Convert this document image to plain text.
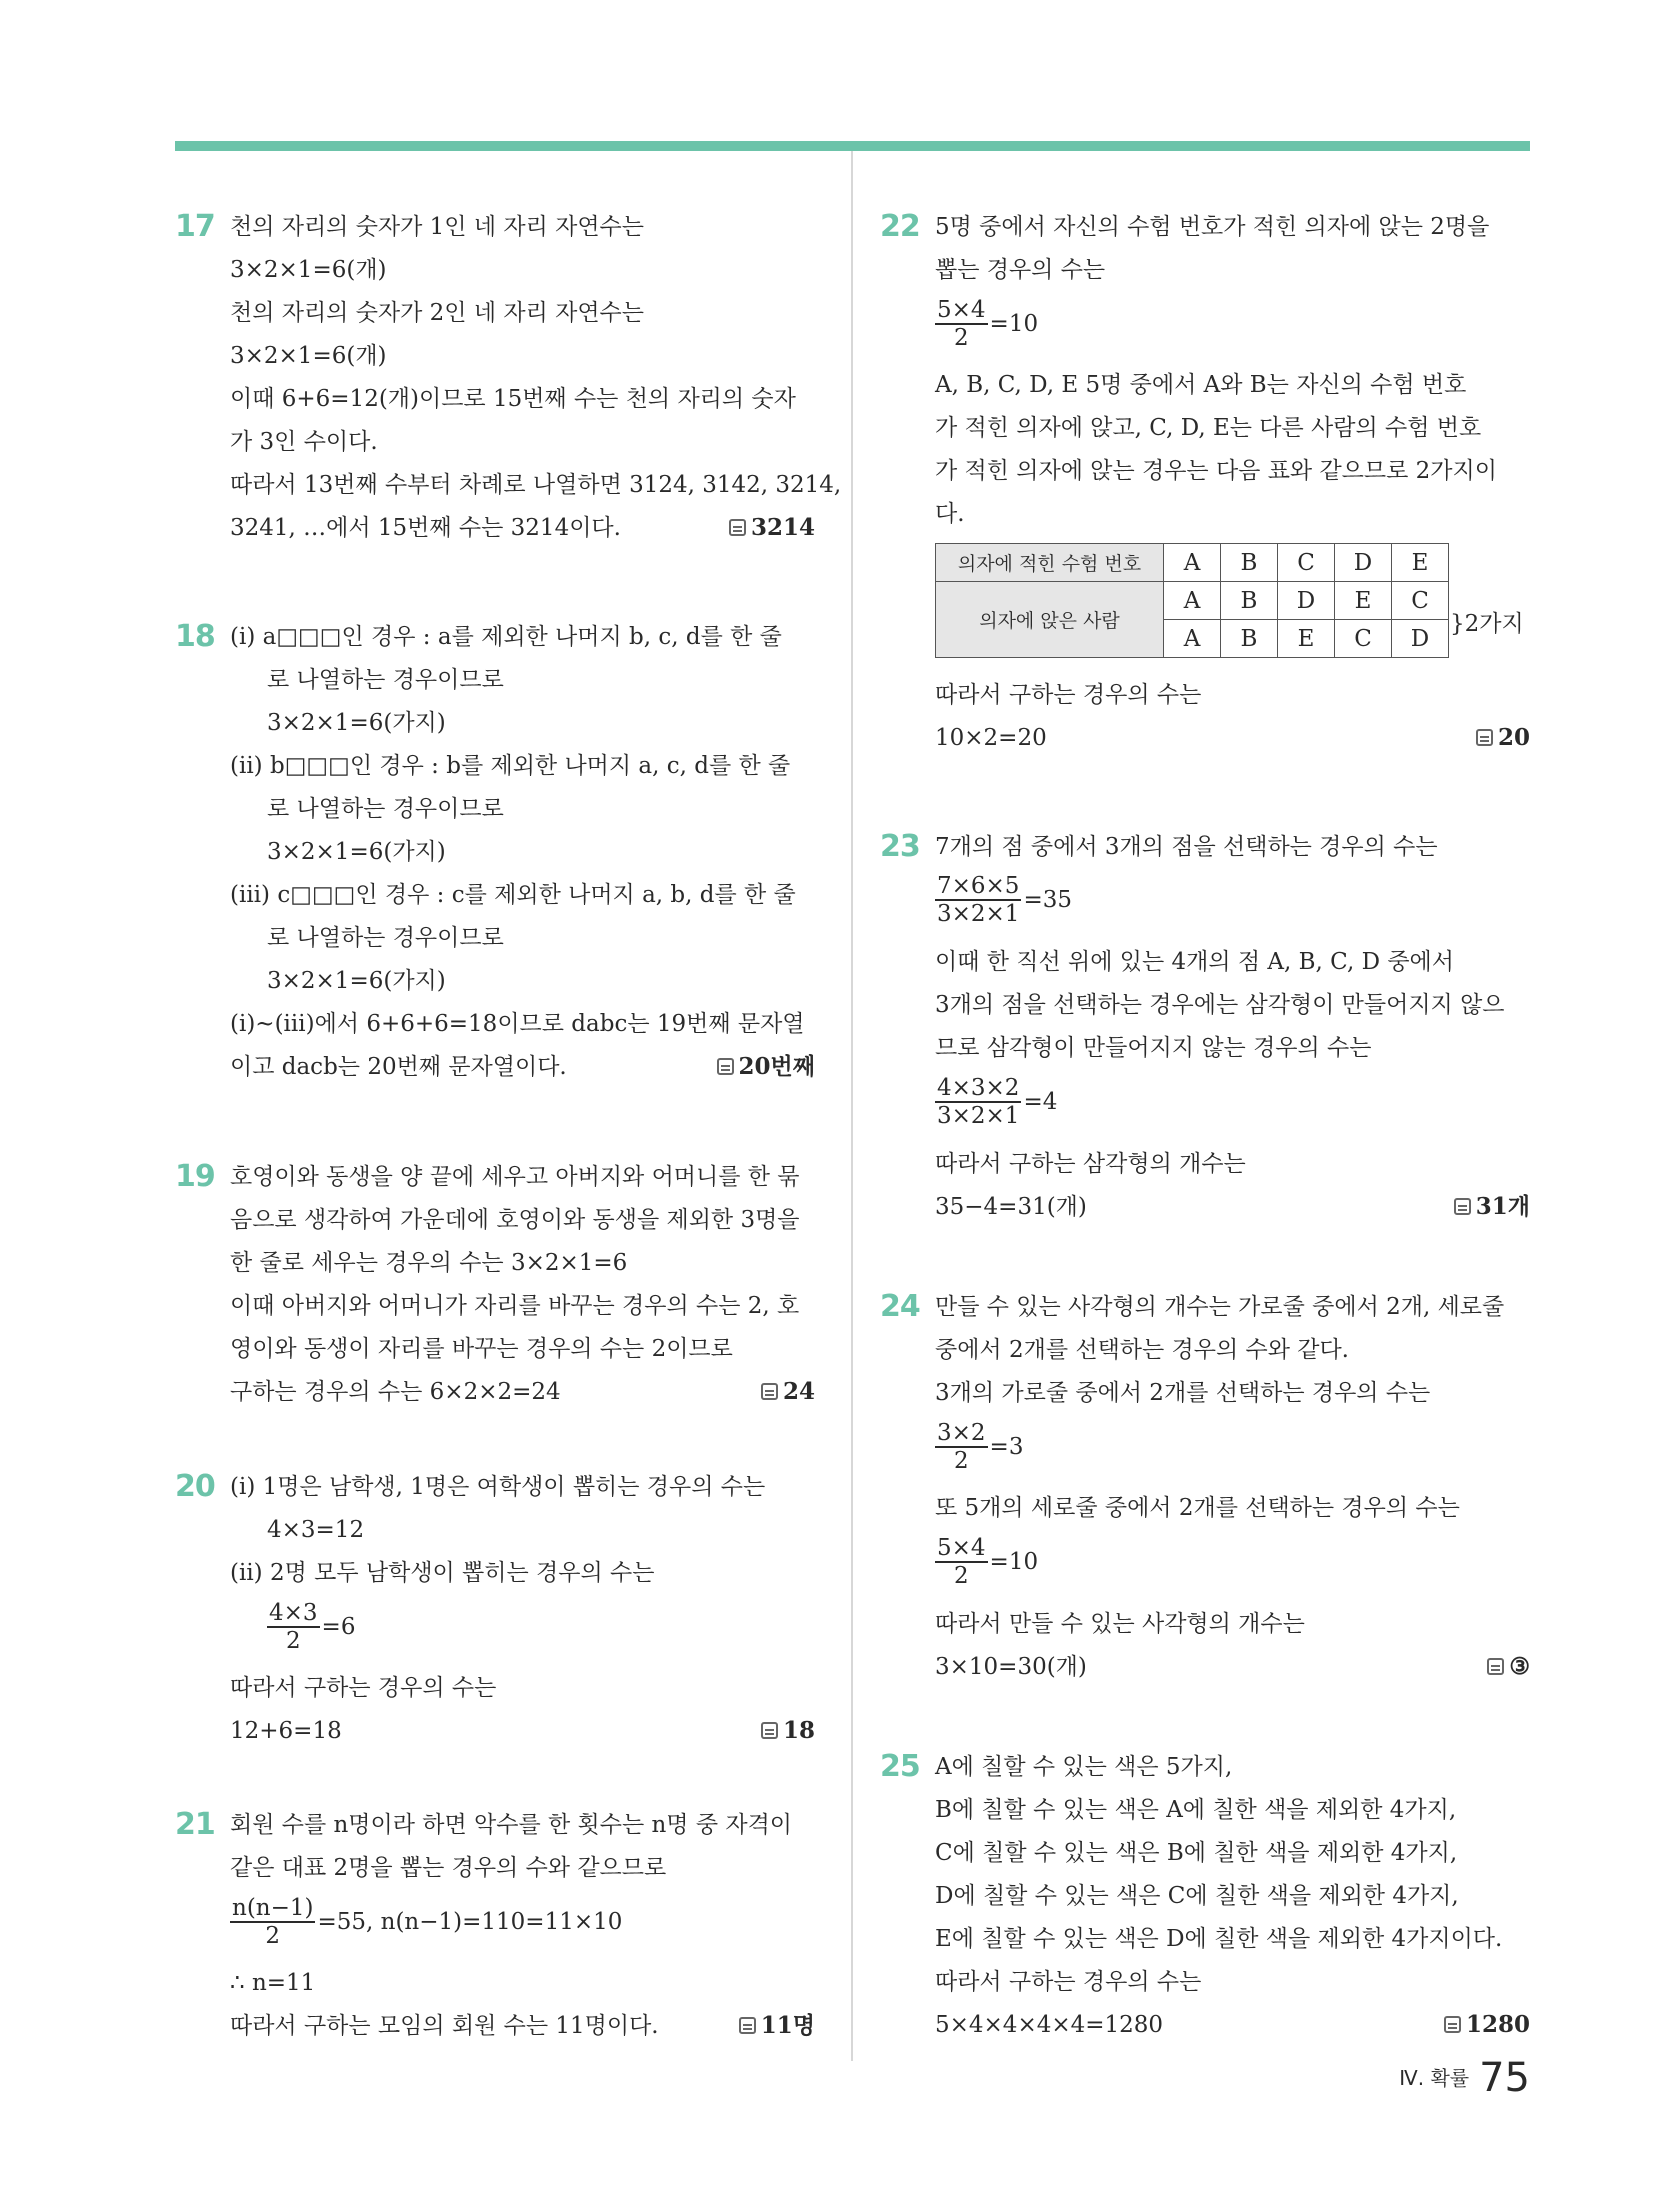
17 천의 자리의 숫자가 1인 네 자리 자연수는
3×2×1=6(개)
천의 자리의 숫자가 2인 네 자리 자연수는
3×2×1=6(개)
이때 6+6=12(개)이므로 15번째 수는 천의 자리의 숫자
가 3인 수이다.
따라서 13번째 수부터 차례로 나열하면 3124, 3142, 3214,
3241, …에서 15번째 수는 3214이다.	3214
18 (ⅰ) a□□□인 경우 : a를 제외한 나머지 b, c, d를 한 줄
로 나열하는 경우이므로
3×2×1=6(가지)
(ⅱ) b□□□인 경우 : b를 제외한 나머지 a, c, d를 한 줄
로 나열하는 경우이므로
3×2×1=6(가지)
(ⅲ) c□□□인 경우 : c를 제외한 나머지 a, b, d를 한 줄
로 나열하는 경우이므로
3×2×1=6(가지)
(ⅰ)~(ⅲ)에서 6+6+6=18이므로 dabc는 19번째 문자열
이고 dacb는 20번째 문자열이다.	20번째
19 호영이와 동생을 양 끝에 세우고 아버지와 어머니를 한 묶
음으로 생각하여 가운데에 호영이와 동생을 제외한 3명을
한 줄로 세우는 경우의 수는 3×2×1=6
이때 아버지와 어머니가 자리를 바꾸는 경우의 수는 2, 호
영이와 동생이 자리를 바꾸는 경우의 수는 2이므로
구하는 경우의 수는 6×2×2=24	24
20 (ⅰ) 1명은 남학생, 1명은 여학생이 뽑히는 경우의 수는
4×3=12
(ⅱ) 2명 모두 남학생이 뽑히는 경우의 수는
$\frac{4\times 3}{2} =6$
따라서 구하는 경우의 수는
12+6=18	18
21 회원 수를 n명이라 하면 악수를 한 횟수는 n명 중 자격이
같은 대표 2명을 뽑는 경우의 수와 같으므로
$\frac{n(n-1)}{2} =55$, n(n−1)=110=11×10
∴ n=11
따라서 구하는 모임의 회원 수는 11명이다.	11명
22 5명 중에서 자신의 수험 번호가 적힌 의자에 앉는 2명을
뽑는 경우의 수는
$\frac{5\times 4}{2} =10$
A, B, C, D, E 5명 중에서 A와 B는 자신의 수험 번호
가 적힌 의자에 앉고, C, D, E는 다른 사람의 수험 번호
가 적힌 의자에 앉는 경우는 다음 표와 같으므로 2가지이
다.
의자에 적힌 수험 번호	A	B	C	D	E
의자에 앉은 사람	A	B	D	E	C
	A	B	E	C	D
}2가지
따라서 구하는 경우의 수는
10×2=20	20
23 7개의 점 중에서 3개의 점을 선택하는 경우의 수는
$\frac{7\times 6\times 5}{3\times 2\times 1} =35$
이때 한 직선 위에 있는 4개의 점 A, B, C, D 중에서
3개의 점을 선택하는 경우에는 삼각형이 만들어지지 않으
므로 삼각형이 만들어지지 않는 경우의 수는
$\frac{4\times 3\times 2}{3\times 2\times 1} =4$
따라서 구하는 삼각형의 개수는
35−4=31(개)	31개
24 만들 수 있는 사각형의 개수는 가로줄 중에서 2개, 세로줄
중에서 2개를 선택하는 경우의 수와 같다.
3개의 가로줄 중에서 2개를 선택하는 경우의 수는
$\frac{3\times 2}{2} =3$
또 5개의 세로줄 중에서 2개를 선택하는 경우의 수는
$\frac{5\times 4}{2} =10$
따라서 만들 수 있는 사각형의 개수는
3×10=30(개)	③
25 A에 칠할 수 있는 색은 5가지,
B에 칠할 수 있는 색은 A에 칠한 색을 제외한 4가지,
C에 칠할 수 있는 색은 B에 칠한 색을 제외한 4가지,
D에 칠할 수 있는 색은 C에 칠한 색을 제외한 4가지,
E에 칠할 수 있는 색은 D에 칠한 색을 제외한 4가지이다.
따라서 구하는 경우의 수는
5×4×4×4×4=1280	1280
Ⅳ. 확률 75
